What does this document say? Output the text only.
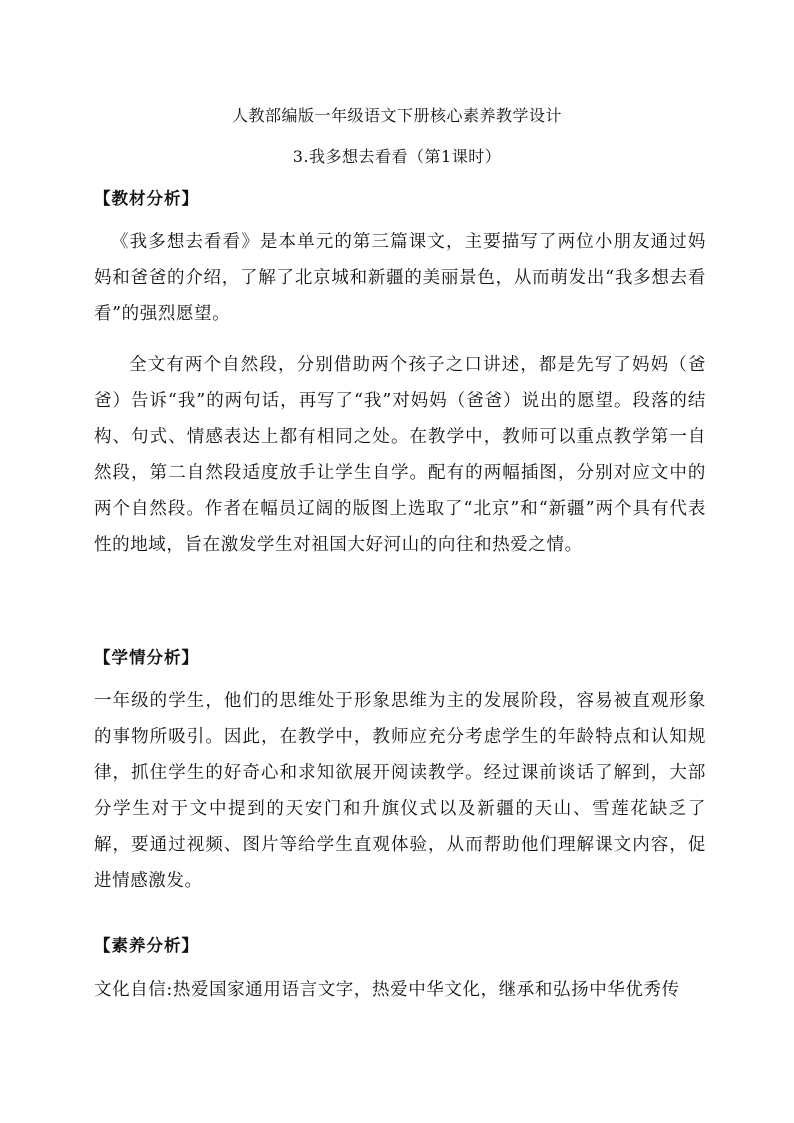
人教部编版一年级语文下册核心素养教学设计
3.我多想去看看（第1课时）
【教材分析】
《我多想去看看》是本单元的第三篇课文，主要描写了两位小朋友通过妈妈和爸爸的介绍，了解了北京城和新疆的美丽景色，从而萌发出“我多想去看看”的强烈愿望。
全文有两个自然段，分别借助两个孩子之口讲述，都是先写了妈妈（爸爸）告诉“我”的两句话，再写了“我”对妈妈（爸爸）说出的愿望。段落的结构、句式、情感表达上都有相同之处。在教学中，教师可以重点教学第一自然段，第二自然段适度放手让学生自学。配有的两幅插图，分别对应文中的两个自然段。作者在幅员辽阔的版图上选取了“北京”和“新疆”两个具有代表性的地域，旨在激发学生对祖国大好河山的向往和热爱之情。
【学情分析】
一年级的学生，他们的思维处于形象思维为主的发展阶段，容易被直观形象的事物所吸引。因此，在教学中，教师应充分考虑学生的年龄特点和认知规律，抓住学生的好奇心和求知欲展开阅读教学。经过课前谈话了解到，大部分学生对于文中提到的天安门和升旗仪式以及新疆的天山、雪莲花缺乏了解，要通过视频、图片等给学生直观体验，从而帮助他们理解课文内容，促进情感激发。
【素养分析】
文化自信:热爱国家通用语言文字，热爱中华文化，继承和弘扬中华优秀传
